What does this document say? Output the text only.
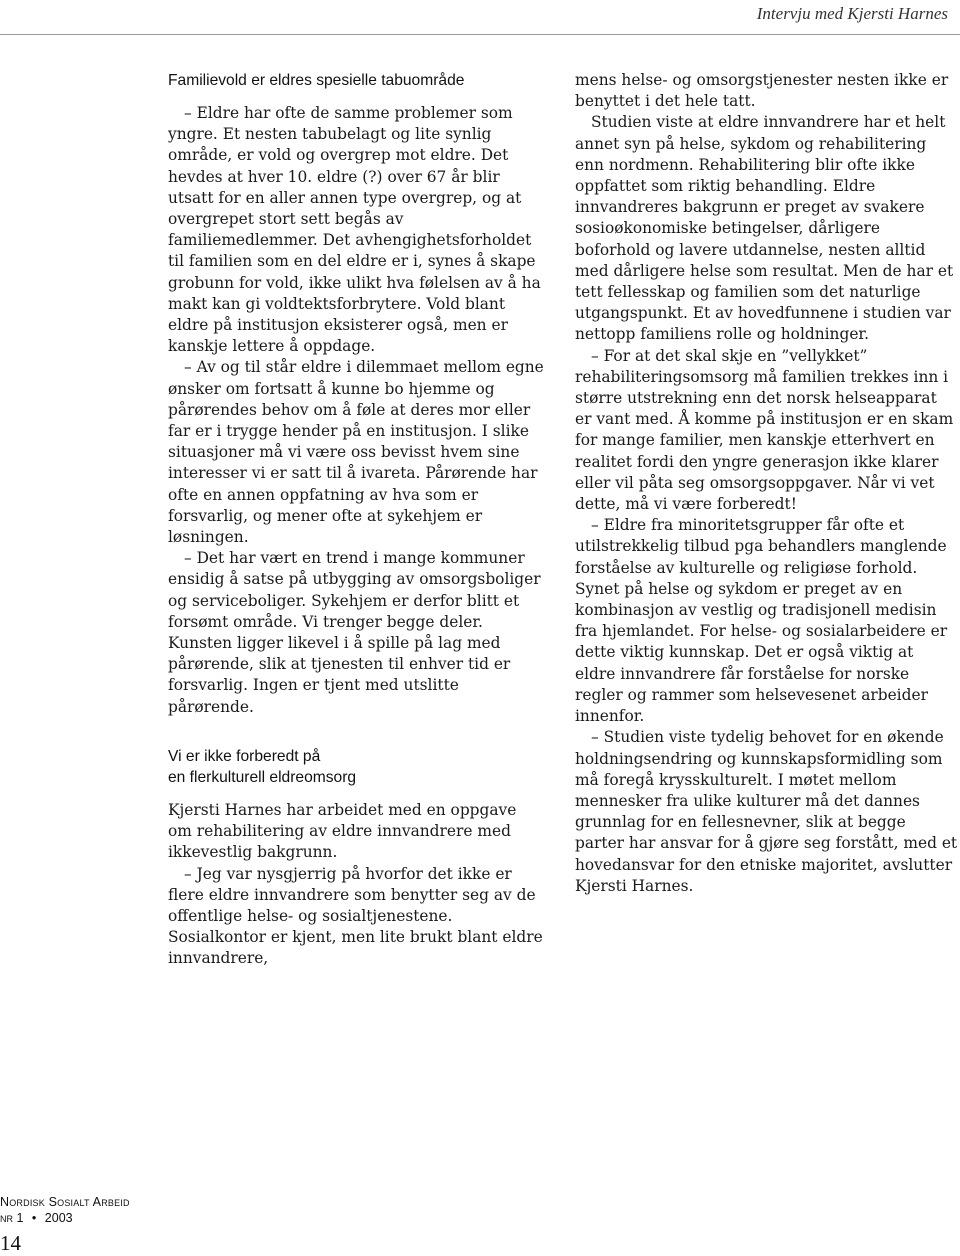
Intervju med Kjersti Harnes
Familievold er eldres spesielle tabuområde

– Eldre har ofte de samme problemer som yngre. Et nesten tabubelagt og lite synlig område, er vold og overgrep mot eldre. Det hevdes at hver 10. eldre (?) over 67 år blir utsatt for en aller annen type overgrep, og at overgrepet stort sett begås av familiemedlemmer. Det avhengighetsforholdet til familien som en del eldre er i, synes å skape grobunn for vold, ikke ulikt hva følelsen av å ha makt kan gi voldtektsforbrytere. Vold blant eldre på institusjon eksisterer også, men er kanskje lettere å oppdage.

– Av og til står eldre i dilemmaet mellom egne ønsker om fortsatt å kunne bo hjemme og pårørendes behov om å føle at deres mor eller far er i trygge hender på en institusjon. I slike situasjoner må vi være oss bevisst hvem sine interesser vi er satt til å ivareta. Pårørende har ofte en annen oppfatning av hva som er forsvarlig, og mener ofte at sykehjem er løsningen.

– Det har vært en trend i mange kommuner ensidig å satse på utbygging av omsorgsboliger og serviceboliger. Sykehjem er derfor blitt et forsømt område. Vi trenger begge deler. Kunsten ligger likevel i å spille på lag med pårørende, slik at tjenesten til enhver tid er forsvarlig. Ingen er tjent med utslitte pårørende.

Vi er ikke forberedt på
en flerkulturell eldreomsorg

Kjersti Harnes har arbeidet med en oppgave om rehabilitering av eldre innvandrere med ikkevestlig bakgrunn.

– Jeg var nysgjerrig på hvorfor det ikke er flere eldre innvandrere som benytter seg av de offentlige helse- og sosialtjenestene. Sosialkontor er kjent, men lite brukt blant eldre innvandrere,

mens helse- og omsorgstjenester nesten ikke er benyttet i det hele tatt.

Studien viste at eldre innvandrere har et helt annet syn på helse, sykdom og rehabilitering enn nordmenn. Rehabilitering blir ofte ikke oppfattet som riktig behandling. Eldre innvandreres bakgrunn er preget av svakere sosioøkonomiske betingelser, dårligere boforhold og lavere utdannelse, nesten alltid med dårligere helse som resultat. Men de har et tett fellesskap og familien som det naturlige utgangspunkt. Et av hovedfunnene i studien var nettopp familiens rolle og holdninger.

– For at det skal skje en ”vellykket” rehabiliteringsomsorg må familien trekkes inn i større utstrekning enn det norsk helseapparat er vant med. Å komme på institusjon er en skam for mange familier, men kanskje etterhvert en realitet fordi den yngre generasjon ikke klarer eller vil påta seg omsorgsoppgaver. Når vi vet dette, må vi være forberedt!

– Eldre fra minoritetsgrupper får ofte et utilstrekkelig tilbud pga behandlers manglende forståelse av kulturelle og religiøse forhold. Synet på helse og sykdom er preget av en kombinasjon av vestlig og tradisjonell medisin fra hjemlandet. For helse- og sosialarbeidere er dette viktig kunnskap. Det er også viktig at eldre innvandrere får forståelse for norske regler og rammer som helsevesenet arbeider innenfor.

– Studien viste tydelig behovet for en økende holdningsendring og kunnskapsformidling som må foregå krysskulturelt. I møtet mellom mennesker fra ulike kulturer må det dannes grunnlag for en fellesnevner, slik at begge parter har ansvar for å gjøre seg forstått, med et hovedansvar for den etniske majoritet, avslutter Kjersti Harnes.

Nordisk Sosialt Arbeid
nr 1 • 2003
14
